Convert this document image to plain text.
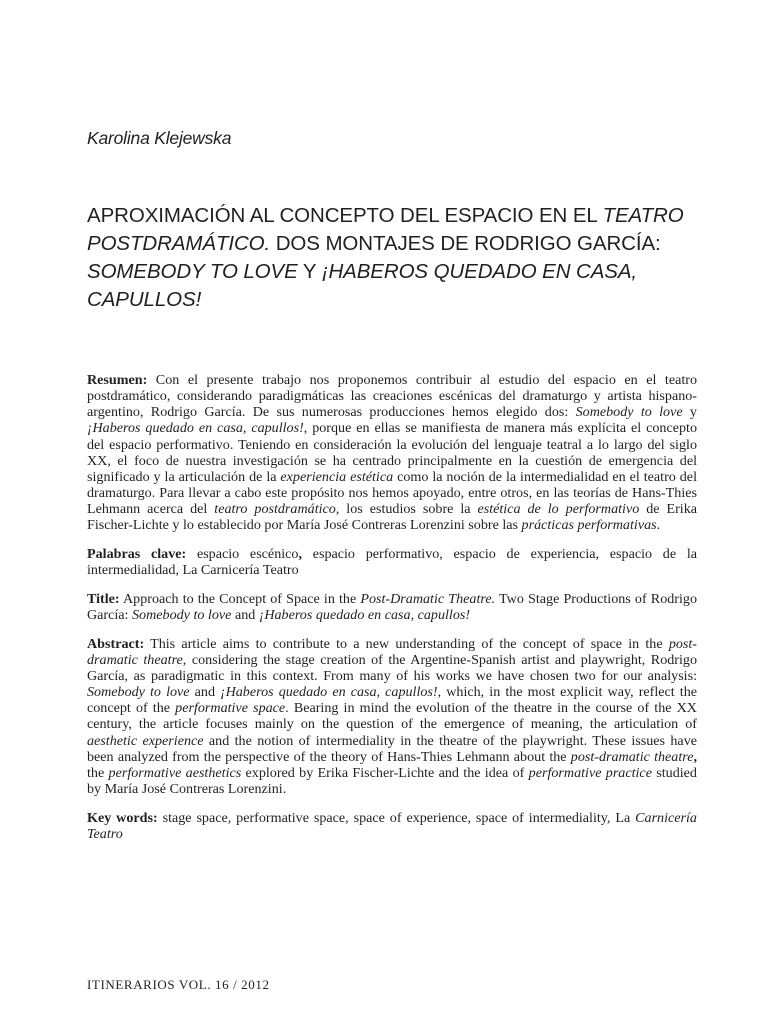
Karolina Klejewska
APROXIMACIÓN AL CONCEPTO DEL ESPACIO EN EL TEATRO
POSTDRAMÁTICO. DOS MONTAJES DE RODRIGO GARCÍA:
SOMEBODY TO LOVE Y ¡HABEROS QUEDADO EN CASA,
CAPULLOS!

Resumen: Con el presente trabajo nos proponemos contribuir al estudio del espacio en el teatro postdramático, considerando paradigmáticas las creaciones escénicas del dramaturgo y artista hispano-argentino, Rodrigo García. De sus numerosas producciones hemos elegido dos: Somebody to love y ¡Haberos quedado en casa, capullos!, porque en ellas se manifiesta de manera más explícita el concepto del espacio performativo. Teniendo en consideración la evolución del lenguaje teatral a lo largo del siglo XX, el foco de nuestra investigación se ha centrado principalmente en la cuestión de emergencia del significado y la articulación de la experiencia estética como la noción de la intermedialidad en el teatro del dramaturgo. Para llevar a cabo este propósito nos hemos apoyado, entre otros, en las teorías de Hans-Thies Lehmann acerca del teatro postdramático, los estudios sobre la estética de lo performativo de Erika Fischer-Lichte y lo establecido por María José Contreras Lorenzini sobre las prácticas performativas.

Palabras clave: espacio escénico, espacio performativo, espacio de experiencia, espacio de la intermedialidad, La Carnicería Teatro

Title: Approach to the Concept of Space in the Post-Dramatic Theatre. Two Stage Productions of Rodrigo García: Somebody to love and ¡Haberos quedado en casa, capullos!

Abstract: This article aims to contribute to a new understanding of the concept of space in the post-dramatic theatre, considering the stage creation of the Argentine-Spanish artist and playwright, Rodrigo García, as paradigmatic in this context. From many of his works we have chosen two for our analysis: Somebody to love and ¡Haberos quedado en casa, capullos!, which, in the most explicit way, reflect the concept of the performative space. Bearing in mind the evolution of the theatre in the course of the XX century, the article focuses mainly on the question of the emergence of meaning, the articulation of aesthetic experience and the notion of intermediality in the theatre of the playwright. These issues have been analyzed from the perspective of the theory of Hans-Thies Lehmann about the post-dramatic theatre, the performative aesthetics explored by Erika Fischer-Lichte and the idea of performative practice studied by María José Contreras Lorenzini.

Key words: stage space, performative space, space of experience, space of intermediality, La Carnicería Teatro

ITINERARIOS VOL. 16 / 2012
